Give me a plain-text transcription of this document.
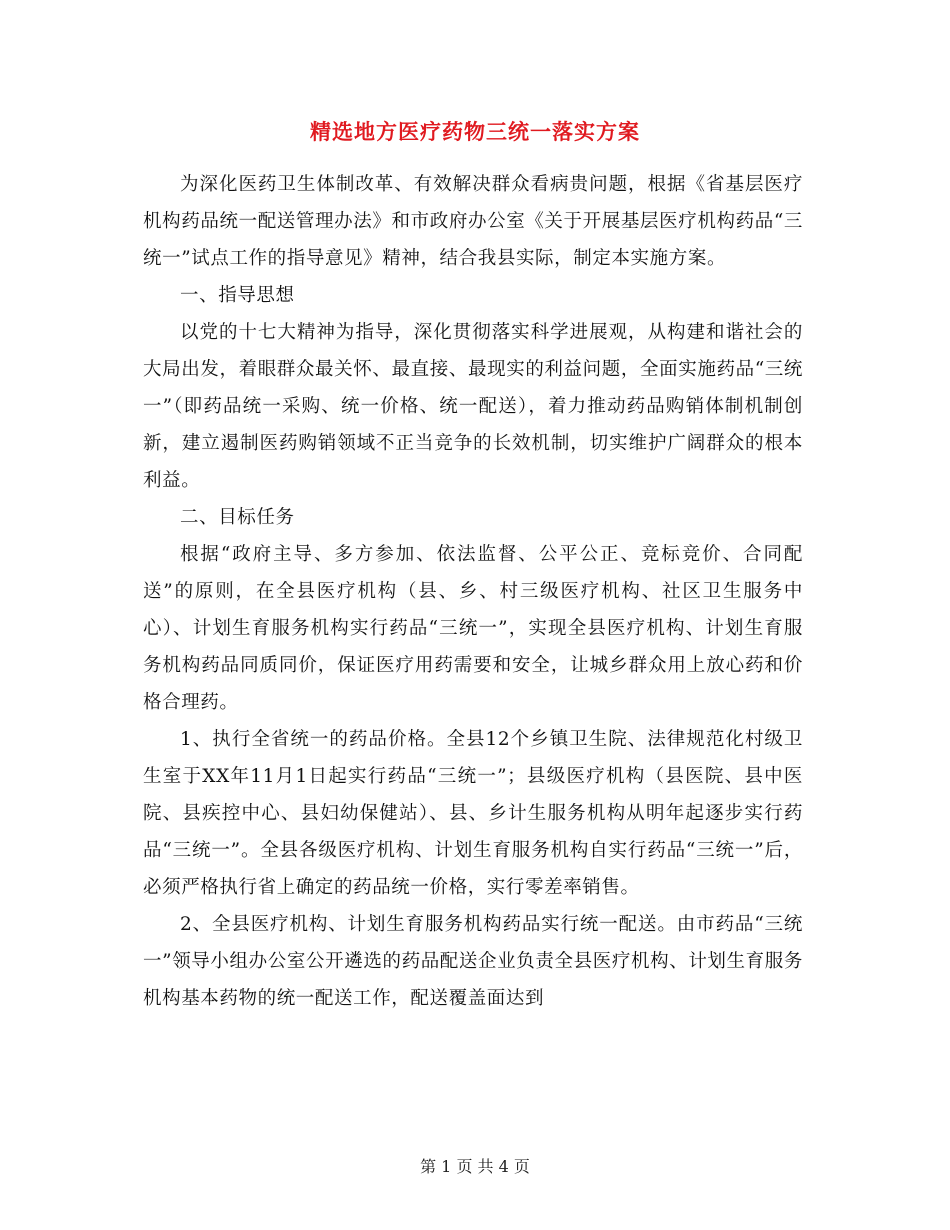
精选地方医疗药物三统一落实方案

为深化医药卫生体制改革、有效解决群众看病贵问题，根据《省基层医疗机构药品统一配送管理办法》和市政府办公室《关于开展基层医疗机构药品“三统一”试点工作的指导意见》精神，结合我县实际，制定本实施方案。

一、指导思想

以党的十七大精神为指导，深化贯彻落实科学进展观，从构建和谐社会的大局出发，着眼群众最关怀、最直接、最现实的利益问题，全面实施药品“三统一”（即药品统一采购、统一价格、统一配送），着力推动药品购销体制机制创新，建立遏制医药购销领域不正当竞争的长效机制，切实维护广阔群众的根本利益。

二、目标任务

根据“政府主导、多方参加、依法监督、公平公正、竞标竞价、合同配送”的原则，在全县医疗机构（县、乡、村三级医疗机构、社区卫生服务中心）、计划生育服务机构实行药品“三统一”，实现全县医疗机构、计划生育服务机构药品同质同价，保证医疗用药需要和安全，让城乡群众用上放心药和价格合理药。

1、执行全省统一的药品价格。全县12个乡镇卫生院、法律规范化村级卫生室于XX年11月1日起实行药品“三统一”；县级医疗机构（县医院、县中医院、县疾控中心、县妇幼保健站）、县、乡计生服务机构从明年起逐步实行药品“三统一”。全县各级医疗机构、计划生育服务机构自实行药品“三统一”后，必须严格执行省上确定的药品统一价格，实行零差率销售。

2、全县医疗机构、计划生育服务机构药品实行统一配送。由市药品“三统一”领导小组办公室公开遴选的药品配送企业负责全县医疗机构、计划生育服务机构基本药物的统一配送工作，配送覆盖面达到

第 1 页 共 4 页
